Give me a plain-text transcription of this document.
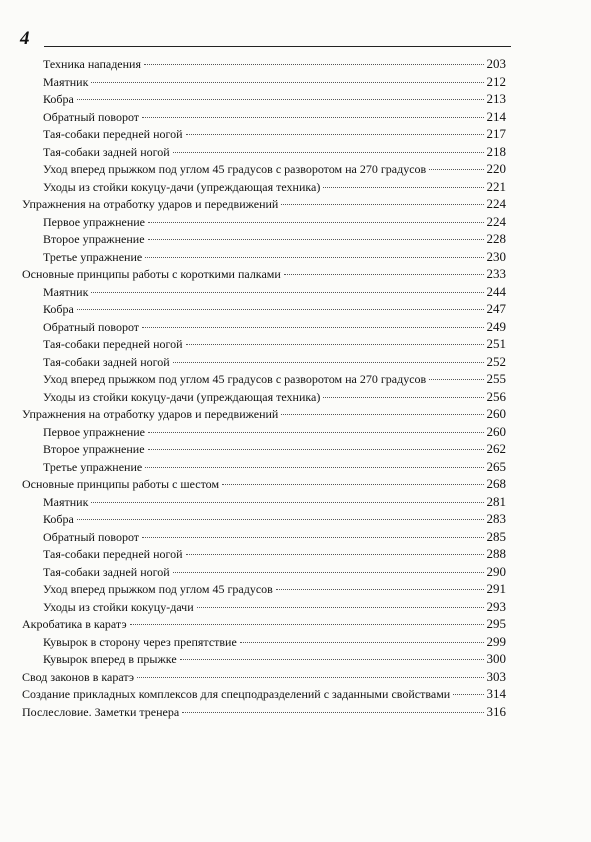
4
Техника нападения	203
Маятник	212
Кобра	213
Обратный поворот	214
Тая-собаки передней ногой	217
Тая-собаки задней ногой	218
Уход вперед прыжком под углом 45 градусов с разворотом на 270 градусов	220
Уходы из стойки кокуцу-дачи (упреждающая техника)	221
Упражнения на отработку ударов и передвижений	224
Первое упражнение	224
Второе упражнение	228
Третье упражнение	230
Основные принципы работы с короткими палками	233
Маятник	244
Кобра	247
Обратный поворот	249
Тая-собаки передней ногой	251
Тая-собаки задней ногой	252
Уход вперед прыжком под углом 45 градусов с разворотом на 270 градусов	255
Уходы из стойки кокуцу-дачи (упреждающая техника)	256
Упражнения на отработку ударов и передвижений	260
Первое упражнение	260
Второе упражнение	262
Третье упражнение	265
Основные принципы работы с шестом	268
Маятник	281
Кобра	283
Обратный поворот	285
Тая-собаки передней ногой	288
Тая-собаки задней ногой	290
Уход вперед прыжком под углом 45 градусов	291
Уходы из стойки кокуцу-дачи	293
Акробатика в каратэ	295
Кувырок в сторону через препятствие	299
Кувырок вперед в прыжке	300
Свод законов в каратэ	303
Создание прикладных комплексов для спецподразделений с заданными свойствами	314
Послесловие. Заметки тренера	316
